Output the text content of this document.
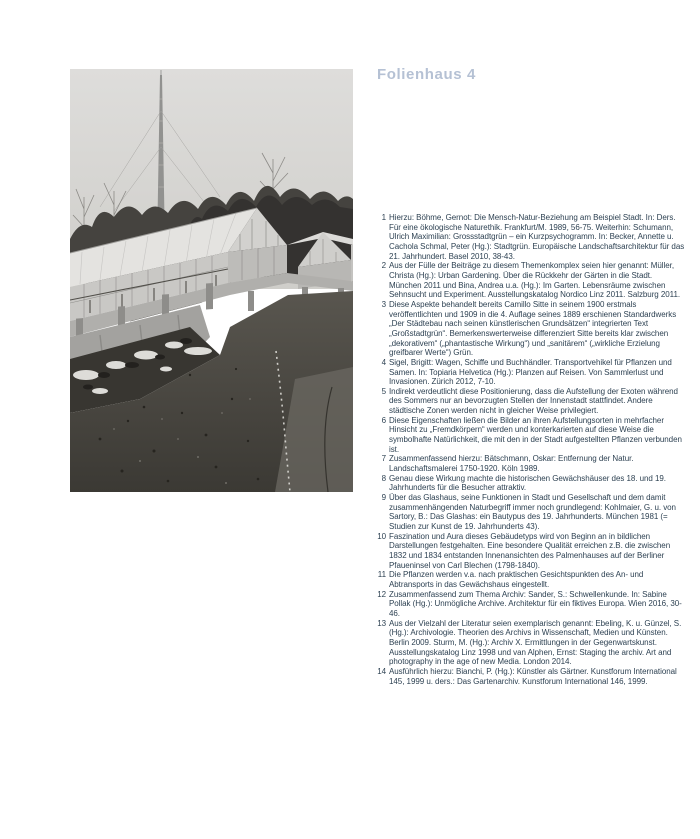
Folienhaus 4
1 Hierzu: Böhme, Gernot: Die Mensch-Natur-Beziehung am Beispiel Stadt. In: Ders. Für eine ökologische Naturethik. Frankfurt/M. 1989, 56-75. Weiterhin: Schumann, Ulrich Maximilian: Grossstadtgrün – ein Kurzpsychogramm. In: Becker, Annette u. Cachola Schmal, Peter (Hg.): Stadtgrün. Europäische Landschaftsarchitektur für das 21. Jahrhundert. Basel 2010, 38-43.
2 Aus der Fülle der Beiträge zu diesem Themenkomplex seien hier genannt: Müller, Christa (Hg.): Urban Gardening. Über die Rückkehr der Gärten in die Stadt. München 2011 und Bina, Andrea u.a. (Hg.): Im Garten. Lebensräume zwischen Sehnsucht und Experiment. Ausstellungskatalog Nordico Linz 2011. Salzburg 2011.
3 Diese Aspekte behandelt bereits Camillo Sitte in seinem 1900 erstmals veröffentlichten und 1909 in die 4. Auflage seines 1889 erschienen Standardwerks „Der Städtebau nach seinen künstlerischen Grundsätzen“ integrierten Text „Großstadtgrün“. Bemerkenswerterweise differenziert Sitte bereits klar zwischen „dekorativem“ („phantastische Wirkung“) und „sanitärem“ („wirkliche Erzielung greifbarer Werte“) Grün.
4 Sigel, Brigitt: Wagen, Schiffe und Buchhändler. Transportvehikel für Pflanzen und Samen. In: Topiaria Helvetica (Hg.): Planzen auf Reisen. Von Sammlerlust und Invasionen. Zürich 2012, 7-10.
5 Indirekt verdeutlicht diese Positionierung, dass die Aufstellung der Exoten während des Sommers nur an bevorzugten Stellen der Innenstadt stattfindet. Andere städtische Zonen werden nicht in gleicher Weise privilegiert.
6 Diese Eigenschaften ließen die Bilder an ihren Aufstellungsorten in mehrfacher Hinsicht zu „Fremdkörpern“ werden und konterkarierten auf diese Weise die symbolhafte Natürlichkeit, die mit den in der Stadt aufgestellten Pflanzen verbunden ist.
7 Zusammenfassend hierzu: Bätschmann, Oskar: Entfernung der Natur. Landschaftsmalerei 1750-1920. Köln 1989.
8 Genau diese Wirkung machte die historischen Gewächshäuser des 18. und 19. Jahrhunderts für die Besucher attraktiv.
9 Über das Glashaus, seine Funktionen in Stadt und Gesellschaft und dem damit zusammenhängenden Naturbegriff immer noch grundlegend: Kohlmaier, G. u. von Sartory, B.: Das Glashas: ein Bautypus des 19. Jahrhunderts. München 1981 (= Studien zur Kunst de 19. Jahrhunderts 43).
10 Faszination und Aura dieses Gebäudetyps wird von Beginn an in bildlichen Darstellungen festgehalten. Eine besondere Qualität erreichen z.B. die zwischen 1832 und 1834 entstanden Innenansichten des Palmenhauses auf der Berliner Pfaueninsel von Carl Blechen (1798-1840).
11 Die Pflanzen werden v.a. nach praktischen Gesichtspunkten des An- und Abtransports in das Gewächshaus eingestellt.
12 Zusammenfassend zum Thema Archiv: Sander, S.: Schwellenkunde. In: Sabine Pollak (Hg.): Unmögliche Archive. Architektur für ein fiktives Europa. Wien 2016, 30-46.
13 Aus der Vielzahl der Literatur seien exemplarisch genannt: Ebeling, K. u. Günzel, S. (Hg.): Archivologie. Theorien des Archivs in Wissenschaft, Medien und Künsten. Berlin 2009. Sturm, M. (Hg.): Archiv X. Ermittlungen in der Gegenwartskunst. Ausstellungskatalog Linz 1998 und van Alphen, Ernst: Staging the archiv. Art and photography in the age of new Media. London 2014.
14 Ausführlich hierzu: Bianchi, P. (Hg.): Künstler als Gärtner. Kunstforum International 145, 1999 u. ders.: Das Gartenarchiv. Kunstforum International 146, 1999.
